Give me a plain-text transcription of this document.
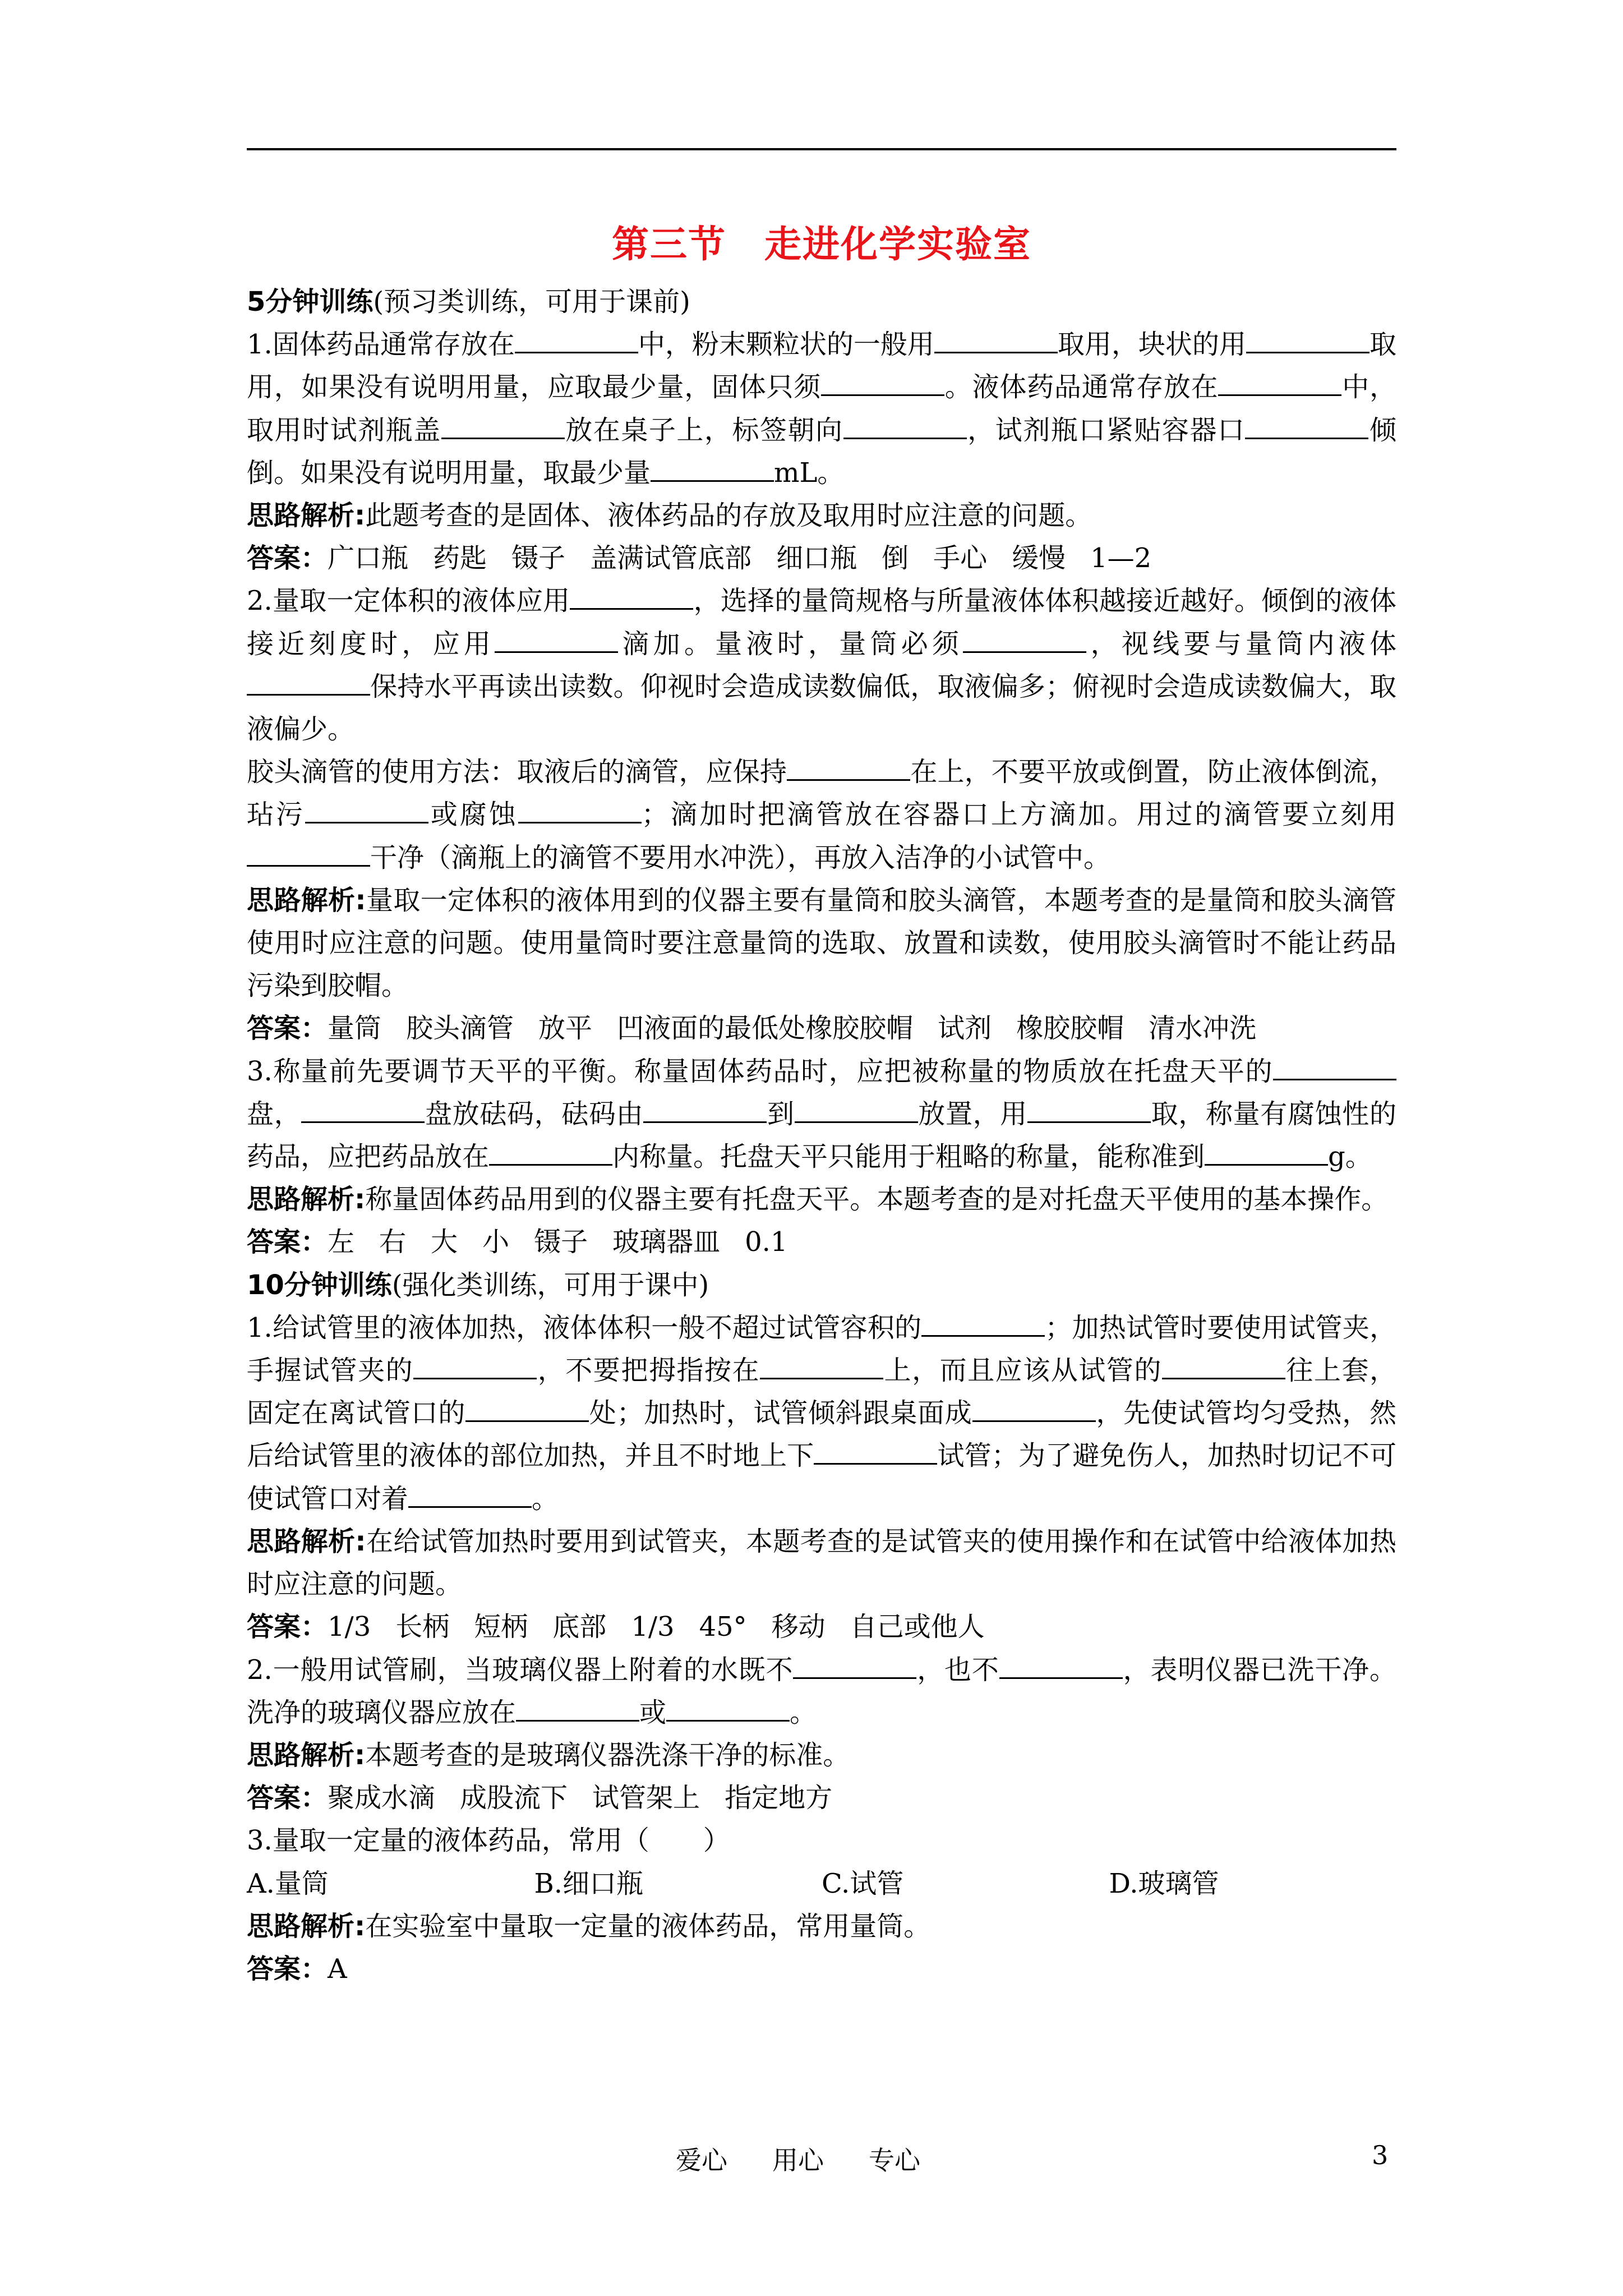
第三节　走进化学实验室

5分钟训练(预习类训练，可用于课前)

1.固体药品通常存放在	中，粉末颗粒状的一般用	取用，块状的用	取用，如果没有说明用量，应取最少量，固体只须	。液体药品通常存放在	中，取用时试剂瓶盖	放在桌子上，标签朝向	，试剂瓶口紧贴容器口	倾倒。如果没有说明用量，取最少量	mL。

思路解析:此题考查的是固体、液体药品的存放及取用时应注意的问题。

答案：广口瓶 药匙 镊子 盖满试管底部 细口瓶 倒 手心 缓慢 1—2

2.量取一定体积的液体应用	，选择的量筒规格与所量液体体积越接近越好。倾倒的液体接近刻度时，应用	滴加。量液时，量筒必须	，视线要与量筒内液体保持水平再读出读数。仰视时会造成读数偏低，取液偏多；俯视时会造成读数偏大，取液偏少。

胶头滴管的使用方法：取液后的滴管，应保持	在上，不要平放或倒置，防止液体倒流，玷污	或腐蚀	；滴加时把滴管放在容器口上方滴加。用过的滴管要立刻用干净（滴瓶上的滴管不要用水冲洗），再放入洁净的小试管中。

思路解析:量取一定体积的液体用到的仪器主要有量筒和胶头滴管，本题考查的是量筒和胶头滴管使用时应注意的问题。使用量筒时要注意量筒的选取、放置和读数，使用胶头滴管时不能让药品污染到胶帽。

答案：量筒 胶头滴管 放平 凹液面的最低处橡胶胶帽 试剂 橡胶胶帽 清水冲洗

3.称量前先要调节天平的平衡。称量固体药品时，应把被称量的物质放在托盘天平的盘，	盘放砝码，砝码由	到	放置，用	取，称量有腐蚀性的药品，应把药品放在	内称量。托盘天平只能用于粗略的称量，能称准到	g。

思路解析:称量固体药品用到的仪器主要有托盘天平。本题考查的是对托盘天平使用的基本操作。

答案：左 右 大 小 镊子 玻璃器皿 0.1

10分钟训练(强化类训练，可用于课中)

1.给试管里的液体加热，液体体积一般不超过试管容积的	；加热试管时要使用试管夹，手握试管夹的	，不要把拇指按在	上，而且应该从试管的	往上套，固定在离试管口的	处；加热时，试管倾斜跟桌面成	，先使试管均匀受热，然后给试管里的液体的部位加热，并且不时地上下	试管；为了避免伤人，加热时切记不可使试管口对着	。

思路解析:在给试管加热时要用到试管夹，本题考查的是试管夹的使用操作和在试管中给液体加热时应注意的问题。

答案：1/3 长柄 短柄 底部 1/3 45° 移动 自己或他人

2.一般用试管刷，当玻璃仪器上附着的水既不	，也不	，表明仪器已洗干净。洗净的玻璃仪器应放在	或	。

思路解析:本题考查的是玻璃仪器洗涤干净的标准。

答案：聚成水滴 成股流下 试管架上 指定地方

3.量取一定量的液体药品，常用（　　）

A.量筒	B.细口瓶	C.试管	D.玻璃管

思路解析:在实验室中量取一定量的液体药品，常用量筒。

答案：A

爱心 用心 专心	3
